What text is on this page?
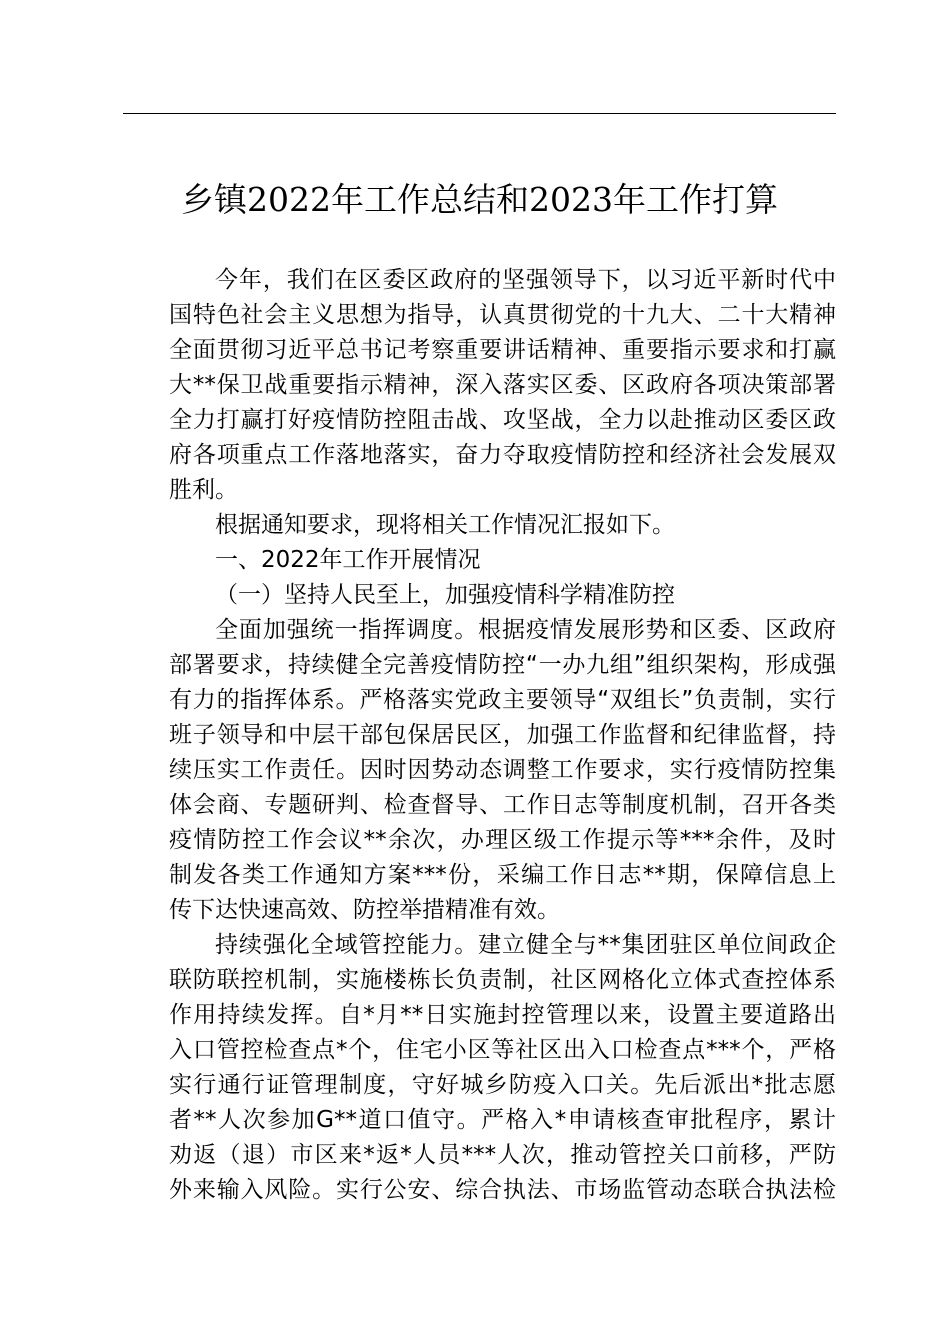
乡镇2022年工作总结和2023年工作打算
今年，我们在区委区政府的坚强领导下，以习近平新时代中
国特色社会主义思想为指导，认真贯彻党的十九大、二十大精神
全面贯彻习近平总书记考察重要讲话精神、重要指示要求和打赢
大**保卫战重要指示精神，深入落实区委、区政府各项决策部署
全力打赢打好疫情防控阻击战、攻坚战，全力以赴推动区委区政
府各项重点工作落地落实，奋力夺取疫情防控和经济社会发展双
胜利。
根据通知要求，现将相关工作情况汇报如下。
一、2022年工作开展情况
（一）坚持人民至上，加强疫情科学精准防控
全面加强统一指挥调度。根据疫情发展形势和区委、区政府
部署要求，持续健全完善疫情防控“一办九组”组织架构，形成强
有力的指挥体系。严格落实党政主要领导“双组长”负责制，实行
班子领导和中层干部包保居民区，加强工作监督和纪律监督，持
续压实工作责任。因时因势动态调整工作要求，实行疫情防控集
体会商、专题研判、检查督导、工作日志等制度机制，召开各类
疫情防控工作会议**余次，办理区级工作提示等***余件，及时
制发各类工作通知方案***份，采编工作日志**期，保障信息上
传下达快速高效、防控举措精准有效。
持续强化全域管控能力。建立健全与**集团驻区单位间政企
联防联控机制，实施楼栋长负责制，社区网格化立体式查控体系
作用持续发挥。自*月**日实施封控管理以来，设置主要道路出
入口管控检查点*个，住宅小区等社区出入口检查点***个，严格
实行通行证管理制度，守好城乡防疫入口关。先后派出*批志愿
者**人次参加G**道口值守。严格入*申请核查审批程序，累计
劝返（退）市区来*返*人员***人次，推动管控关口前移，严防
外来输入风险。实行公安、综合执法、市场监管动态联合执法检
